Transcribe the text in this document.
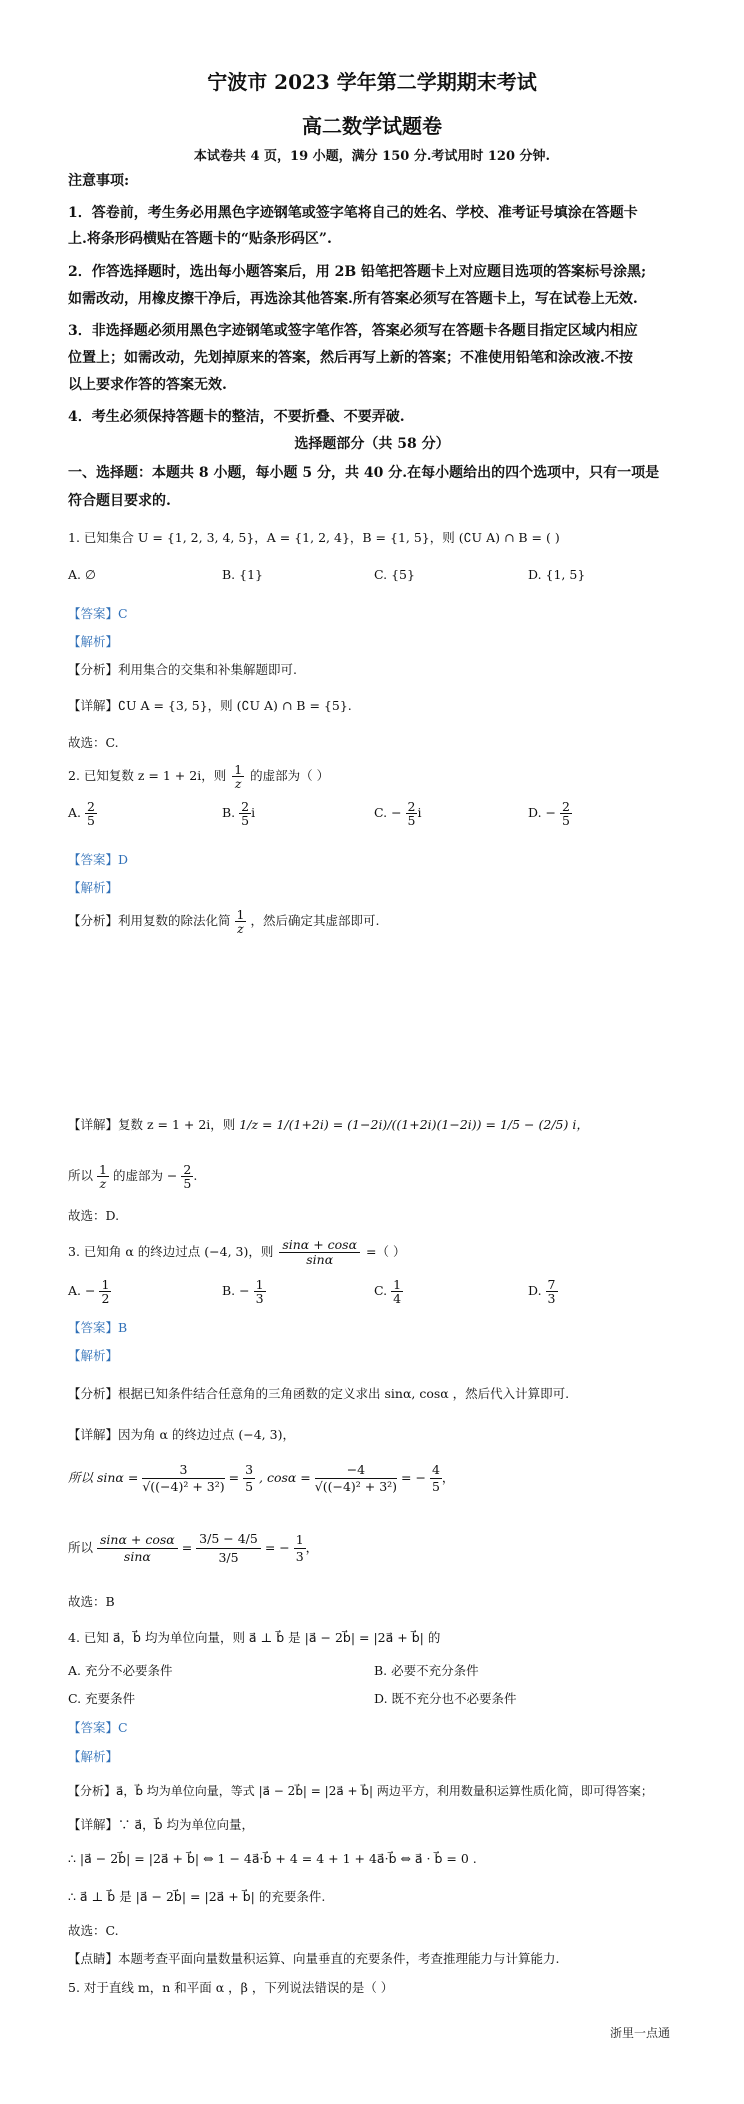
宁波市 2023 学年第二学期期末考试
高二数学试题卷
本试卷共 4 页，19 小题，满分 150 分.考试用时 120 分钟.
注意事项:
1．答卷前，考生务必用黑色字迹钢笔或签字笔将自己的姓名、学校、准考证号填涂在答题卡
上.将条形码横贴在答题卡的“贴条形码区”.
2．作答选择题时，选出每小题答案后，用 2B 铅笔把答题卡上对应题目选项的答案标号涂黑;
如需改动，用橡皮擦干净后，再选涂其他答案.所有答案必须写在答题卡上，写在试卷上无效.
3．非选择题必须用黑色字迹钢笔或签字笔作答，答案必须写在答题卡各题目指定区域内相应
位置上；如需改动，先划掉原来的答案，然后再写上新的答案；不准使用铅笔和涂改液.不按
以上要求作答的答案无效.
4．考生必须保持答题卡的整洁，不要折叠、不要弄破.
选择题部分（共 58 分）
一、选择题：本题共 8 小题，每小题 5 分，共 40 分.在每小题给出的四个选项中，只有一项是
符合题目要求的.
1. 已知集合 U = {1, 2, 3, 4, 5}，A = {1, 2, 4}，B = {1, 5}，则 (∁U A) ∩ B = ( )
A. ∅	B. {1}	C. {5}	D. {1, 5}
【答案】C
【解析】
【分析】利用集合的交集和补集解题即可.
【详解】∁U A = {3, 5}，则 (∁U A) ∩ B = {5}.
故选：C.
2. 已知复数 z = 1 + 2i，则 $\frac{1}{z}$ 的虚部为（ ）
A. $\frac{2}{5}$	B. $\frac{2}{5}$ i	C. − $\frac{2}{5}$ i	D. − $\frac{2}{5}$
【答案】D
【解析】
【分析】利用复数的除法化简 $\frac{1}{z}$ ，然后确定其虚部即可.
【详解】复数 z = 1 + 2i，则 1/z = 1/(1+2i) = (1−2i)/((1+2i)(1−2i)) = 1/5 − (2/5) i，
所以 $\frac{1}{z}$ 的虚部为 − $\frac{2}{5}$ .
故选：D.
3. 已知角 α 的终边过点 (−4, 3)，则 $\frac{\sin\alpha + \cos\alpha}{\sin\alpha}$ =（ ）
A. − $\frac{1}{2}$	B. − $\frac{1}{3}$	C. $\frac{1}{4}$	D. $\frac{7}{3}$
【答案】B
【解析】
【分析】根据已知条件结合任意角的三角函数的定义求出 sinα, cosα ，然后代入计算即可.
【详解】因为角 α 的终边过点 (−4, 3)，
所以 $\sin\alpha = \frac{3}{\text{√((−4)² + 3²)}} = \frac{3}{5}$ , $\cos\alpha = \frac{-4}{\text{√((−4)² + 3²)}}$ = − $\frac{4}{5}$ ，
所以 $\frac{\sin\alpha + \cos\alpha}{\sin\alpha} = \frac{3/5 - 4/5}{3/5}$ = − $\frac{1}{3}$ ，
故选：B
4. 已知 a⃗，b⃗ 均为单位向量，则 a⃗ ⊥ b⃗ 是 |a⃗ − 2b⃗| = |2a⃗ + b⃗| 的
A. 充分不必要条件	B. 必要不充分条件
C. 充要条件	D. 既不充分也不必要条件
【答案】C
【解析】
【分析】a⃗，b⃗ 均为单位向量，等式 |a⃗ − 2b⃗| = |2a⃗ + b⃗| 两边平方，利用数量积运算性质化简，即可得答案；
【详解】∵ a⃗，b⃗ 均为单位向量，
∴ |a⃗ − 2b⃗| = |2a⃗ + b⃗| ⇔ 1 − 4a⃗·b⃗ + 4 = 4 + 1 + 4a⃗·b⃗ ⇔ a⃗ · b⃗ = 0 .
∴ a⃗ ⊥ b⃗ 是 |a⃗ − 2b⃗| = |2a⃗ + b⃗| 的充要条件.
故选：C.
【点睛】本题考查平面向量数量积运算、向量垂直的充要条件，考查推理能力与计算能力.
5. 对于直线 m，n 和平面 α ，β ，下列说法错误的是（ ）
浙里一点通
